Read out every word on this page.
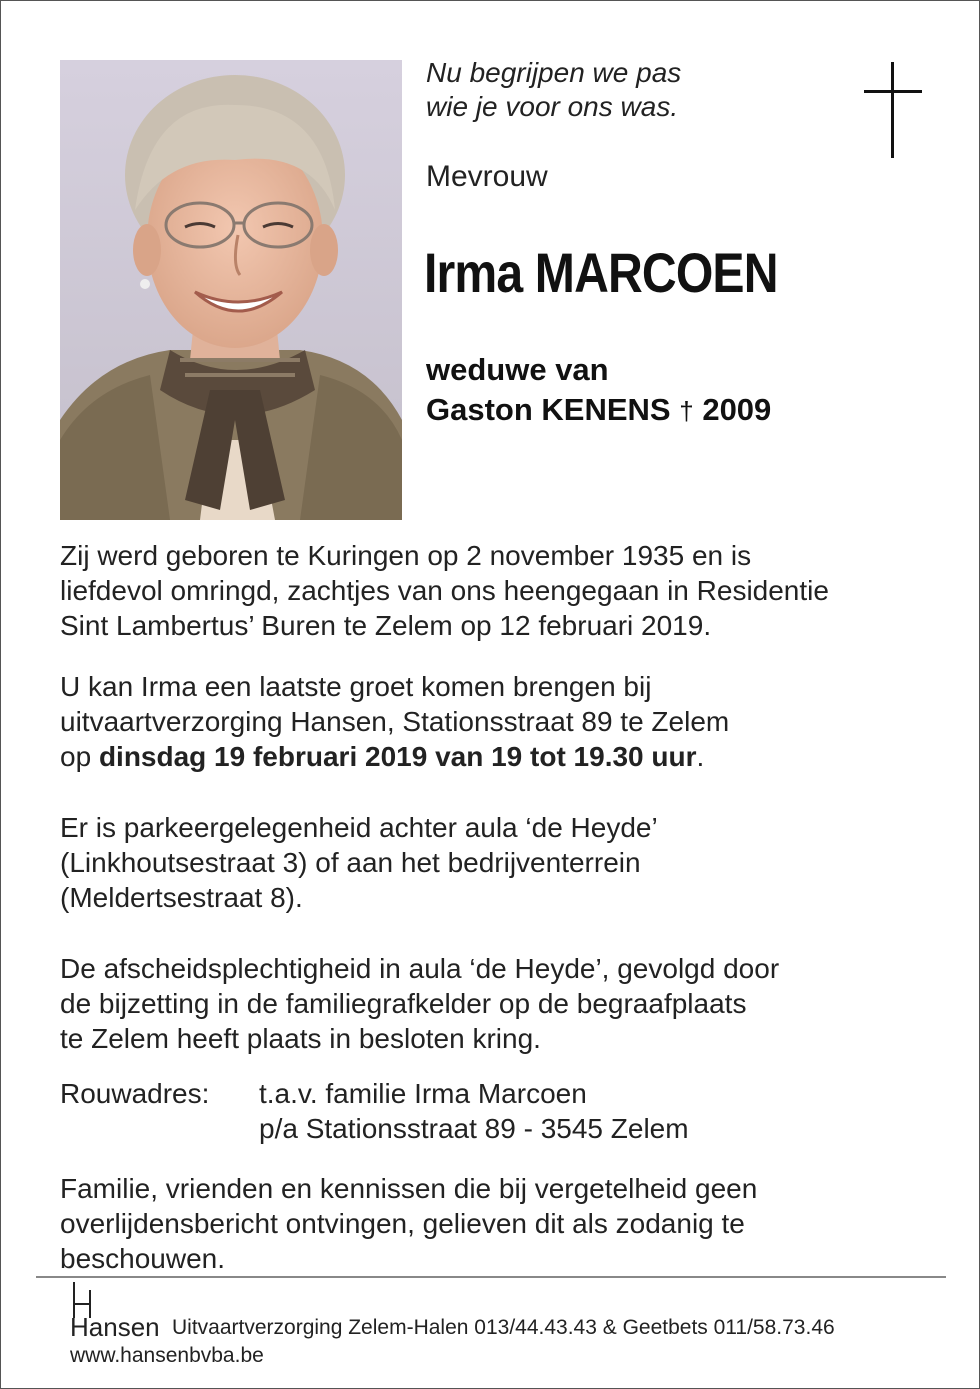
Nu begrijpen we pas
wie je voor ons was.
Mevrouw
Irma MARCOEN
weduwe van
Gaston KENENS † 2009
Zij werd geboren te Kuringen op 2 november 1935 en is
liefdevol omringd, zachtjes van ons heengegaan in Residentie
Sint Lambertus’ Buren te Zelem op 12 februari 2019.
U kan Irma een laatste groet komen brengen bij
uitvaartverzorging Hansen, Stationsstraat 89 te Zelem
op dinsdag 19 februari 2019 van 19 tot 19.30 uur.
Er is parkeergelegenheid achter aula ‘de Heyde’
(Linkhoutsestraat 3) of aan het bedrijventerrein
(Meldertsestraat 8).
De afscheidsplechtigheid in aula ‘de Heyde’, gevolgd door
de bijzetting in de familiegrafkelder op de begraafplaats
te Zelem heeft plaats in besloten kring.
Rouwadres: t.a.v. familie Irma Marcoen
p/a Stationsstraat 89 - 3545 Zelem
Familie, vrienden en kennissen die bij vergetelheid geen
overlijdensbericht ontvingen, gelieven dit als zodanig te
beschouwen.
Hansen Uitvaartverzorging Zelem-Halen 013/44.43.43 & Geetbets 011/58.73.46
www.hansenbvba.be
